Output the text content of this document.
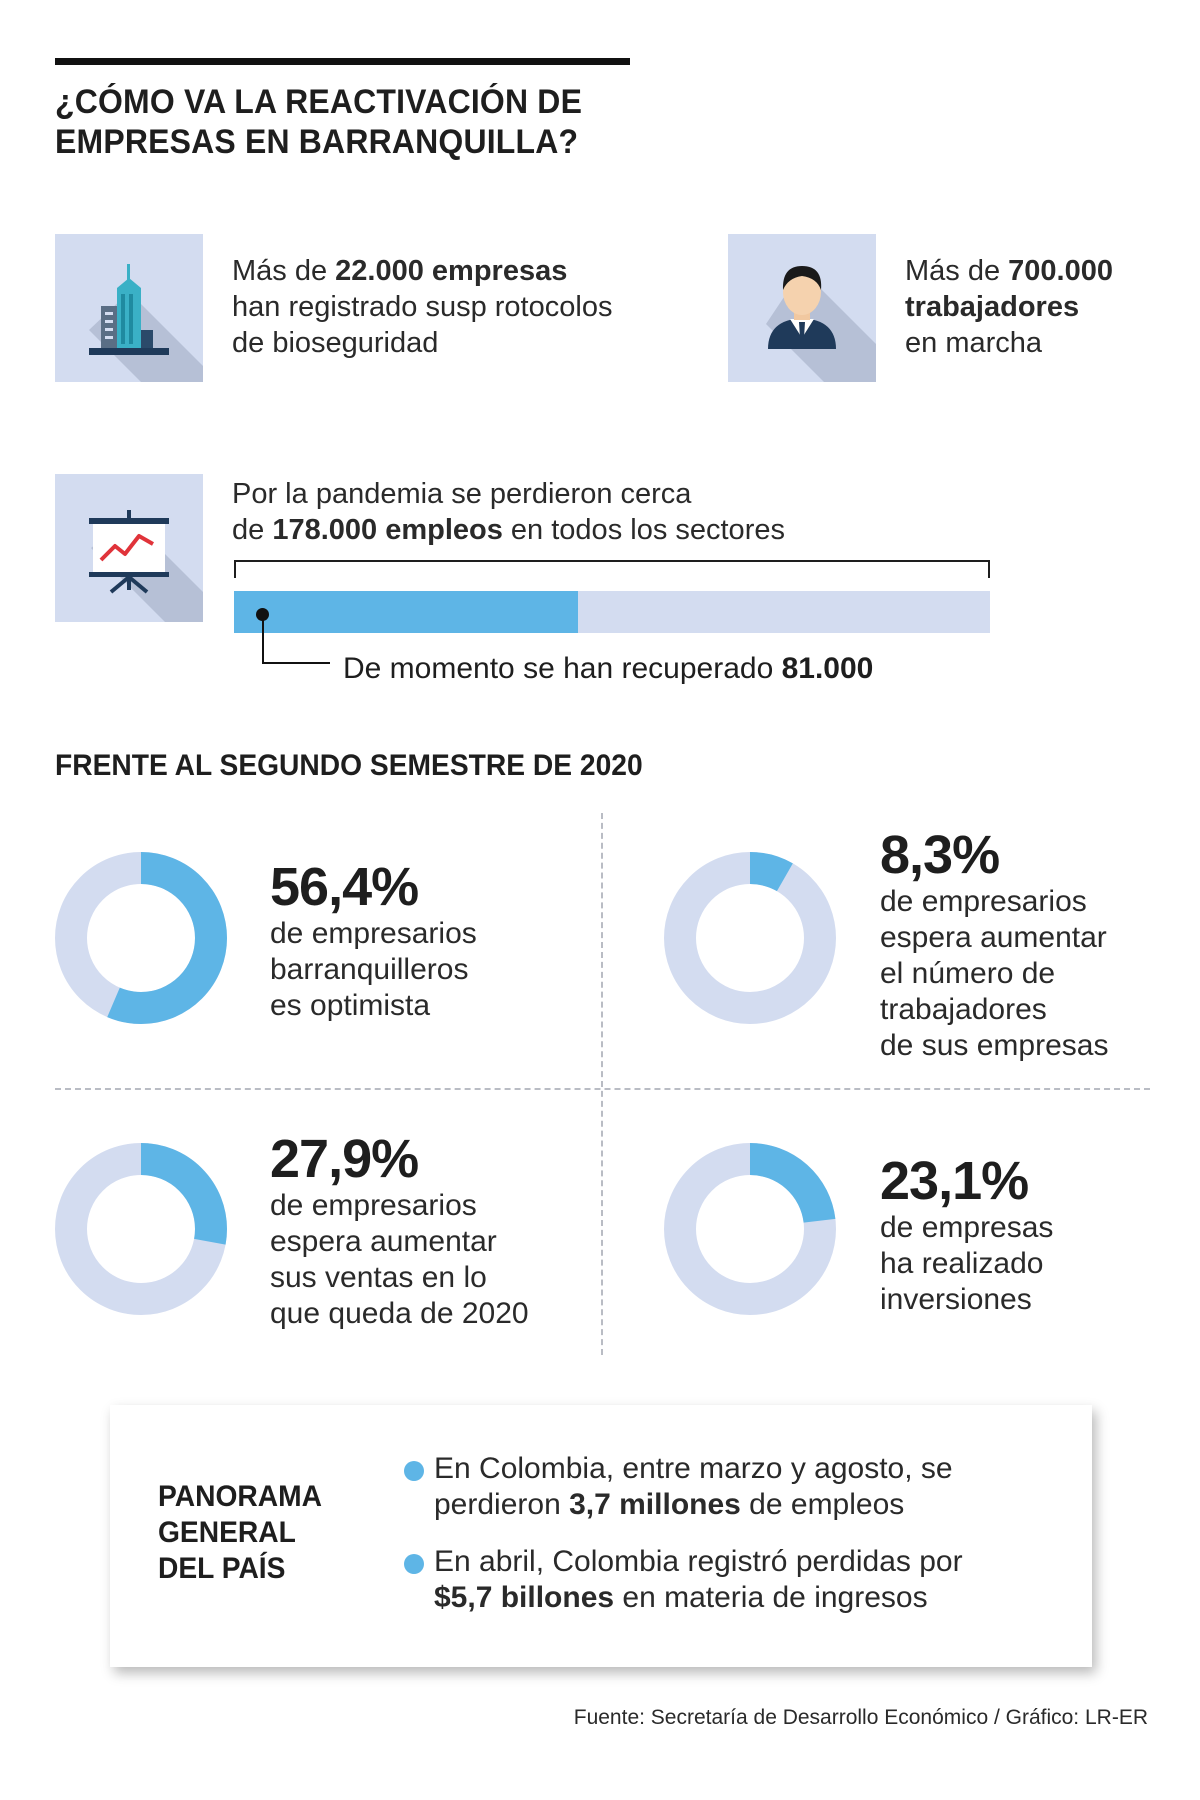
¿CÓMO VA LA REACTIVACIÓN DE
EMPRESAS EN BARRANQUILLA?
Más de 22.000 empresas
han registrado susp rotocolos
de bioseguridad
Más de 700.000
trabajadores
en marcha
Por la pandemia se perdieron cerca
de 178.000 empleos en todos los sectores
De momento se han recuperado 81.000
FRENTE AL SEGUNDO SEMESTRE DE 2020
56,4%
de empresarios
barranquilleros
es optimista
8,3%
de empresarios
espera aumentar
el número de
trabajadores
de sus empresas
27,9%
de empresarios
espera aumentar
sus ventas en lo
que queda de 2020
23,1%
de empresas
ha realizado
inversiones
PANORAMA
GENERAL
DEL PAÍS
En Colombia, entre marzo y agosto, se
perdieron 3,7 millones de empleos
En abril, Colombia registró perdidas por
$5,7 billones en materia de ingresos
Fuente: Secretaría de Desarrollo Económico / Gráfico: LR-ER
